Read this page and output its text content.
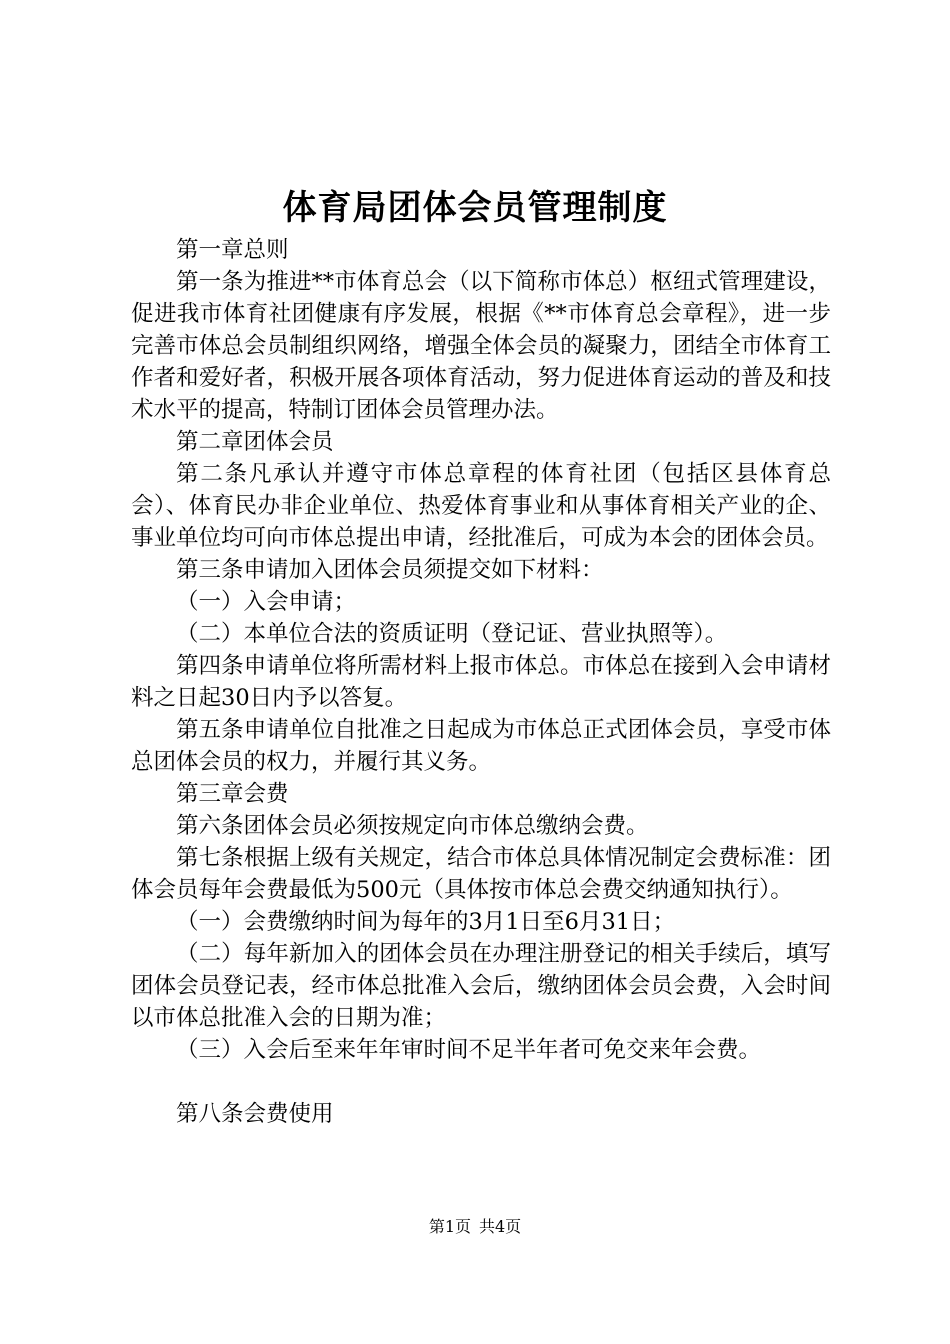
体育局团体会员管理制度

第一章总则

第一条为推进**市体育总会（以下简称市体总）枢纽式管理建设，促进我市体育社团健康有序发展，根据《**市体育总会章程》，进一步完善市体总会员制组织网络，增强全体会员的凝聚力，团结全市体育工作者和爱好者，积极开展各项体育活动，努力促进体育运动的普及和技术水平的提高，特制订团体会员管理办法。

第二章团体会员

第二条凡承认并遵守市体总章程的体育社团（包括区县体育总会）、体育民办非企业单位、热爱体育事业和从事体育相关产业的企、事业单位均可向市体总提出申请，经批准后，可成为本会的团体会员。

第三条申请加入团体会员须提交如下材料：

（一）入会申请；

（二）本单位合法的资质证明（登记证、营业执照等）。

第四条申请单位将所需材料上报市体总。市体总在接到入会申请材料之日起30日内予以答复。

第五条申请单位自批准之日起成为市体总正式团体会员，享受市体总团体会员的权力，并履行其义务。

第三章会费

第六条团体会员必须按规定向市体总缴纳会费。

第七条根据上级有关规定，结合市体总具体情况制定会费标准：团体会员每年会费最低为500元（具体按市体总会费交纳通知执行）。

（一）会费缴纳时间为每年的3月1日至6月31日；

（二）每年新加入的团体会员在办理注册登记的相关手续后，填写团体会员登记表，经市体总批准入会后，缴纳团体会员会费，入会时间以市体总批准入会的日期为准；

（三）入会后至来年年审时间不足半年者可免交来年会费。

第八条会费使用

第1页 共4页
